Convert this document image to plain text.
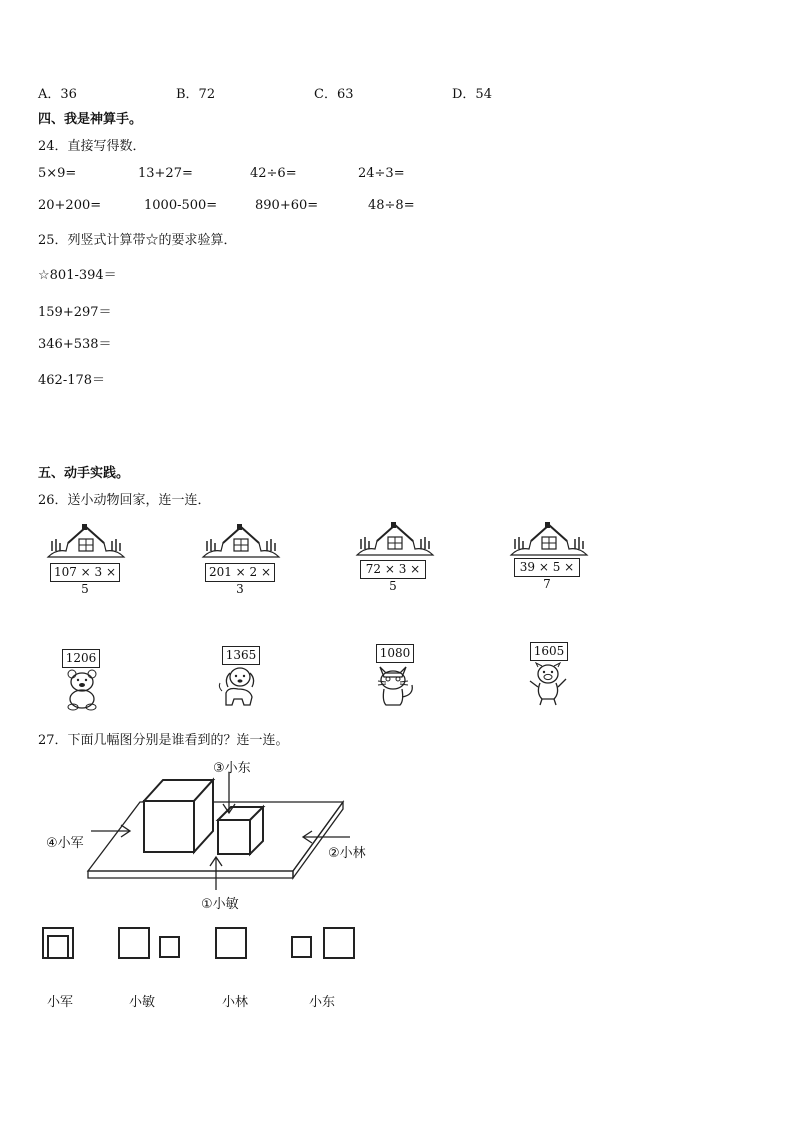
A．36	B．72	C．63	D．54
四、我是神算手。
24．直接写得数．
5×9=	13+27=	42÷6=	24÷3=
20+200=	1000-500=	890+60=	48÷8=
25．列竖式计算带☆的要求验算．
☆801-394＝
159+297＝
346+538＝
462-178＝
五、动手实践。
26．送小动物回家，连一连．
107 × 3 × 5
201 × 2 × 3
72 × 3 × 5
39 × 5 × 7
1206	1365	1080	1605
27．下面几幅图分别是谁看到的？连一连。
③小东
④小军
②小林
①小敏
小军	小敏	小林	小东
